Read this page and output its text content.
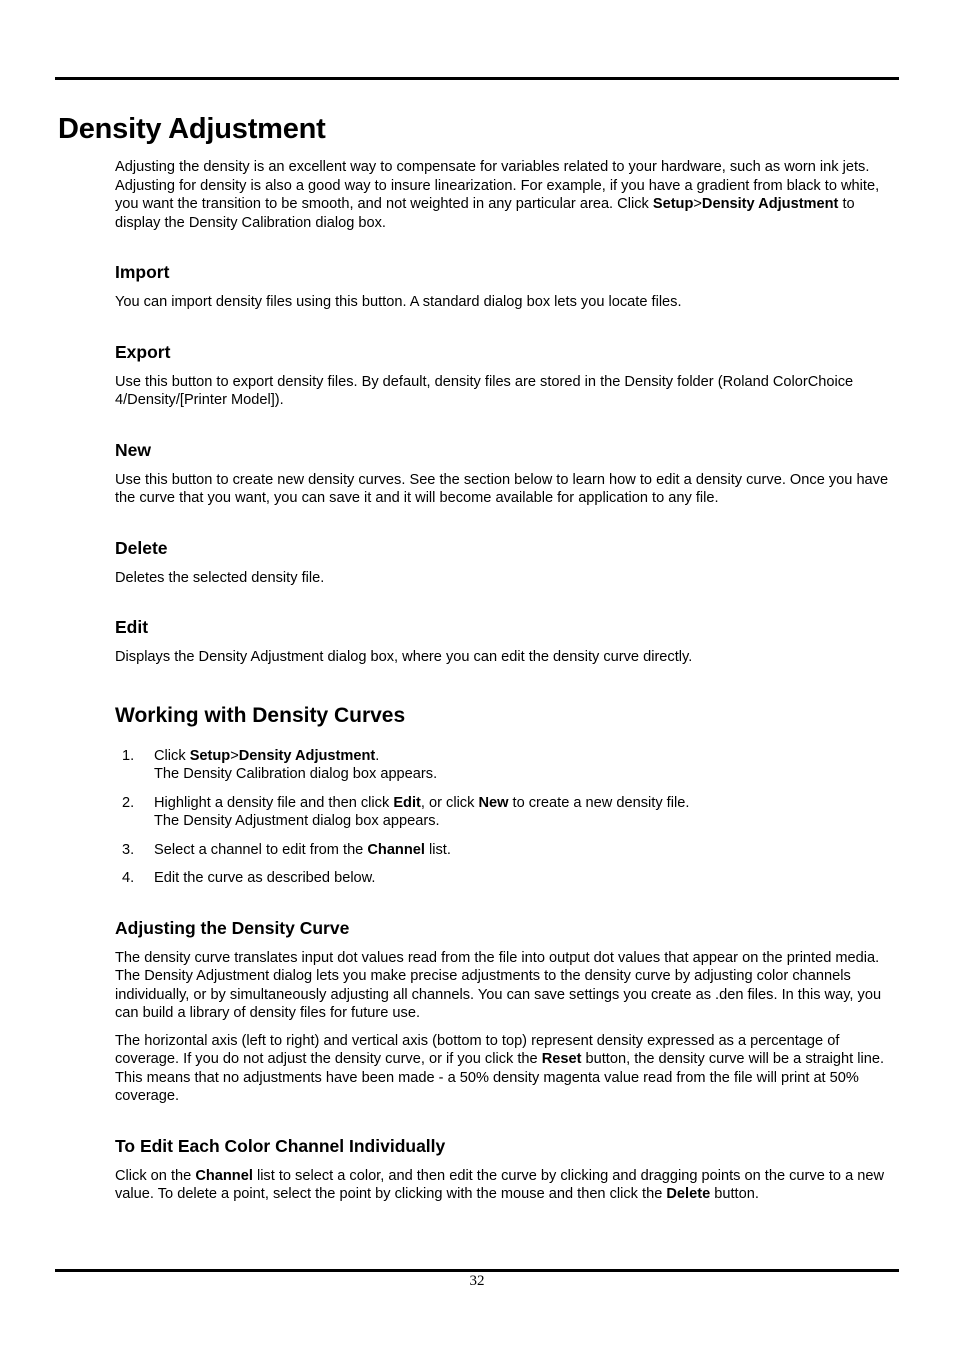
Density Adjustment

Adjusting the density is an excellent way to compensate for variables related to your hardware, such as worn ink jets. Adjusting for density is also a good way to insure linearization. For example, if you have a gradient from black to white, you want the transition to be smooth, and not weighted in any particular area. Click Setup>Density Adjustment to display the Density Calibration dialog box.

Import

You can import density files using this button. A standard dialog box lets you locate files.

Export

Use this button to export density files. By default, density files are stored in the Density folder (Roland ColorChoice 4/Density/[Printer Model]).

New

Use this button to create new density curves. See the section below to learn how to edit a density curve. Once you have the curve that you want, you can save it and it will become available for application to any file.

Delete

Deletes the selected density file.

Edit

Displays the Density Adjustment dialog box, where you can edit the density curve directly.

Working with Density Curves
1. Click Setup>Density Adjustment.
The Density Calibration dialog box appears.
2. Highlight a density file and then click Edit, or click New to create a new density file.
The Density Adjustment dialog box appears.
3. Select a channel to edit from the Channel list.
4. Edit the curve as described below.
Adjusting the Density Curve

The density curve translates input dot values read from the file into output dot values that appear on the printed media. The Density Adjustment dialog lets you make precise adjustments to the density curve by adjusting color channels individually, or by simultaneously adjusting all channels. You can save settings you create as .den files. In this way, you can build a library of density files for future use.

The horizontal axis (left to right) and vertical axis (bottom to top) represent density expressed as a percentage of coverage. If you do not adjust the density curve, or if you click the Reset button, the density curve will be a straight line. This means that no adjustments have been made - a 50% density magenta value read from the file will print at 50% coverage.

To Edit Each Color Channel Individually

Click on the Channel list to select a color, and then edit the curve by clicking and dragging points on the curve to a new value. To delete a point, select the point by clicking with the mouse and then click the Delete button.

32
